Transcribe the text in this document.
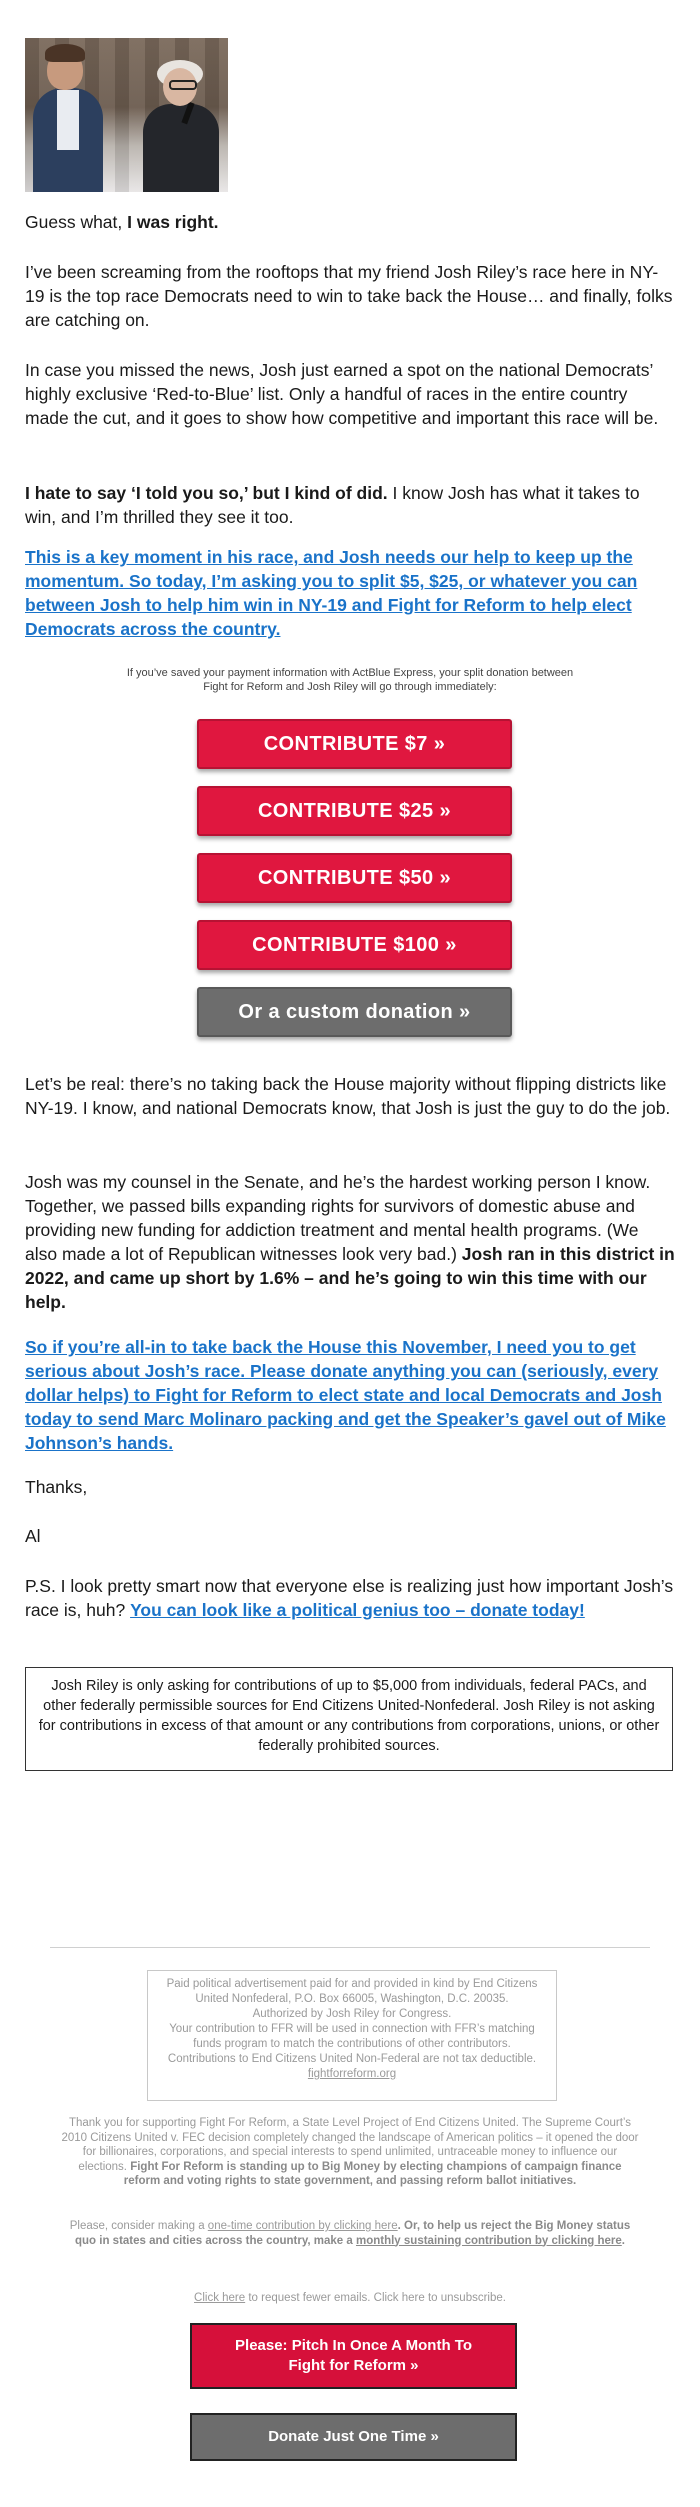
Guess what, I was right.
I’ve been screaming from the rooftops that my friend Josh Riley’s race here in NY-19 is the top race Democrats need to win to take back the House… and finally, folks are catching on.
In case you missed the news, Josh just earned a spot on the national Democrats’ highly exclusive ‘Red-to-Blue’ list. Only a handful of races in the entire country made the cut, and it goes to show how competitive and important this race will be.
I hate to say ‘I told you so,’ but I kind of did. I know Josh has what it takes to win, and I’m thrilled they see it too.
This is a key moment in his race, and Josh needs our help to keep up the momentum. So today, I’m asking you to split $5, $25, or whatever you can between Josh to help him win in NY-19 and Fight for Reform to help elect Democrats across the country.
If you’ve saved your payment information with ActBlue Express, your split donation between Fight for Reform and Josh Riley will go through immediately:
CONTRIBUTE $7 »
CONTRIBUTE $25 »
CONTRIBUTE $50 »
CONTRIBUTE $100 »
Or a custom donation »
Let’s be real: there’s no taking back the House majority without flipping districts like NY-19. I know, and national Democrats know, that Josh is just the guy to do the job.
Josh was my counsel in the Senate, and he’s the hardest working person I know. Together, we passed bills expanding rights for survivors of domestic abuse and providing new funding for addiction treatment and mental health programs. (We also made a lot of Republican witnesses look very bad.) Josh ran in this district in 2022, and came up short by 1.6% – and he’s going to win this time with our help.
So if you’re all-in to take back the House this November, I need you to get serious about Josh’s race. Please donate anything you can (seriously, every dollar helps) to Fight for Reform to elect state and local Democrats and Josh today to send Marc Molinaro packing and get the Speaker’s gavel out of Mike Johnson’s hands.
Thanks,
Al
P.S. I look pretty smart now that everyone else is realizing just how important Josh’s race is, huh? You can look like a political genius too – donate today!
Josh Riley is only asking for contributions of up to $5,000 from individuals, federal PACs, and other federally permissible sources for End Citizens United-Nonfederal. Josh Riley is not asking for contributions in excess of that amount or any contributions from corporations, unions, or other federally prohibited sources.
Paid political advertisement paid for and provided in kind by End Citizens United Nonfederal, P.O. Box 66005, Washington, D.C. 20035.
Authorized by Josh Riley for Congress.
Your contribution to FFR will be used in connection with FFR’s matching funds program to match the contributions of other contributors.
Contributions to End Citizens United Non-Federal are not tax deductible.
fightforreform.org
Thank you for supporting Fight For Reform, a State Level Project of End Citizens United. The Supreme Court’s 2010 Citizens United v. FEC decision completely changed the landscape of American politics – it opened the door for billionaires, corporations, and special interests to spend unlimited, untraceable money to influence our elections. Fight For Reform is standing up to Big Money by electing champions of campaign finance reform and voting rights to state government, and passing reform ballot initiatives.
Please, consider making a one-time contribution by clicking here. Or, to help us reject the Big Money status quo in states and cities across the country, make a monthly sustaining contribution by clicking here.
Click here to request fewer emails. Click here to unsubscribe.
Please: Pitch In Once A Month To Fight for Reform »
Donate Just One Time »
